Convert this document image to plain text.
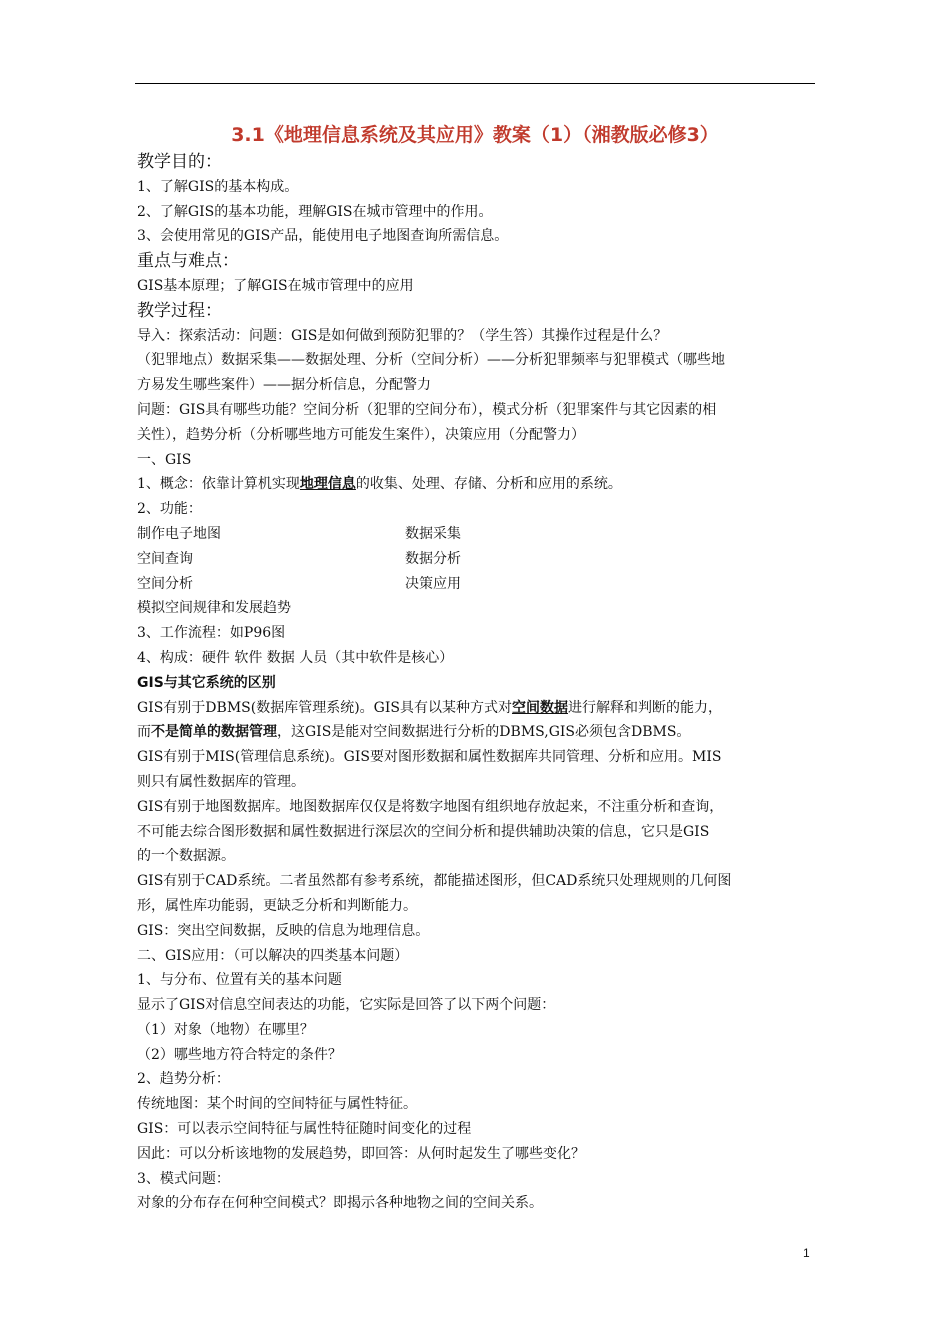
3.1《地理信息系统及其应用》教案（1）（湘教版必修3）
教学目的：
1、了解GIS的基本构成。
2、了解GIS的基本功能，理解GIS在城市管理中的作用。
3、会使用常见的GIS产品，能使用电子地图查询所需信息。
重点与难点：
GIS基本原理；了解GIS在城市管理中的应用
教学过程：
导入：探索活动：问题：GIS是如何做到预防犯罪的？（学生答）其操作过程是什么？
（犯罪地点）数据采集——数据处理、分析（空间分析）——分析犯罪频率与犯罪模式（哪些地
方易发生哪些案件）——据分析信息，分配警力
问题：GIS具有哪些功能？空间分析（犯罪的空间分布），模式分析（犯罪案件与其它因素的相
关性），趋势分析（分析哪些地方可能发生案件），决策应用（分配警力）
一、GIS
1、概念：依靠计算机实现地理信息的收集、处理、存储、分析和应用的系统。
2、功能：
制作电子地图	数据采集
空间查询	数据分析
空间分析	决策应用
模拟空间规律和发展趋势
3、工作流程：如P96图
4、构成：硬件 软件 数据 人员（其中软件是核心）
GIS与其它系统的区别
GIS有别于DBMS(数据库管理系统)。GIS具有以某种方式对空间数据进行解释和判断的能力，
而不是简单的数据管理，这GIS是能对空间数据进行分析的DBMS,GIS必须包含DBMS。
GIS有别于MIS(管理信息系统)。GIS要对图形数据和属性数据库共同管理、分析和应用。MIS
则只有属性数据库的管理。
GIS有别于地图数据库。地图数据库仅仅是将数字地图有组织地存放起来，不注重分析和查询，
不可能去综合图形数据和属性数据进行深层次的空间分析和提供辅助决策的信息，它只是GIS
的一个数据源。
GIS有别于CAD系统。二者虽然都有参考系统，都能描述图形，但CAD系统只处理规则的几何图
形，属性库功能弱，更缺乏分析和判断能力。
GIS：突出空间数据，反映的信息为地理信息。
二、GIS应用：（可以解决的四类基本问题）
1、与分布、位置有关的基本问题
显示了GIS对信息空间表达的功能，它实际是回答了以下两个问题：
（1）对象（地物）在哪里？
（2）哪些地方符合特定的条件？
2、趋势分析：
传统地图：某个时间的空间特征与属性特征。
GIS：可以表示空间特征与属性特征随时间变化的过程
因此：可以分析该地物的发展趋势，即回答：从何时起发生了哪些变化？
3、模式问题：
对象的分布存在何种空间模式？即揭示各种地物之间的空间关系。
1
